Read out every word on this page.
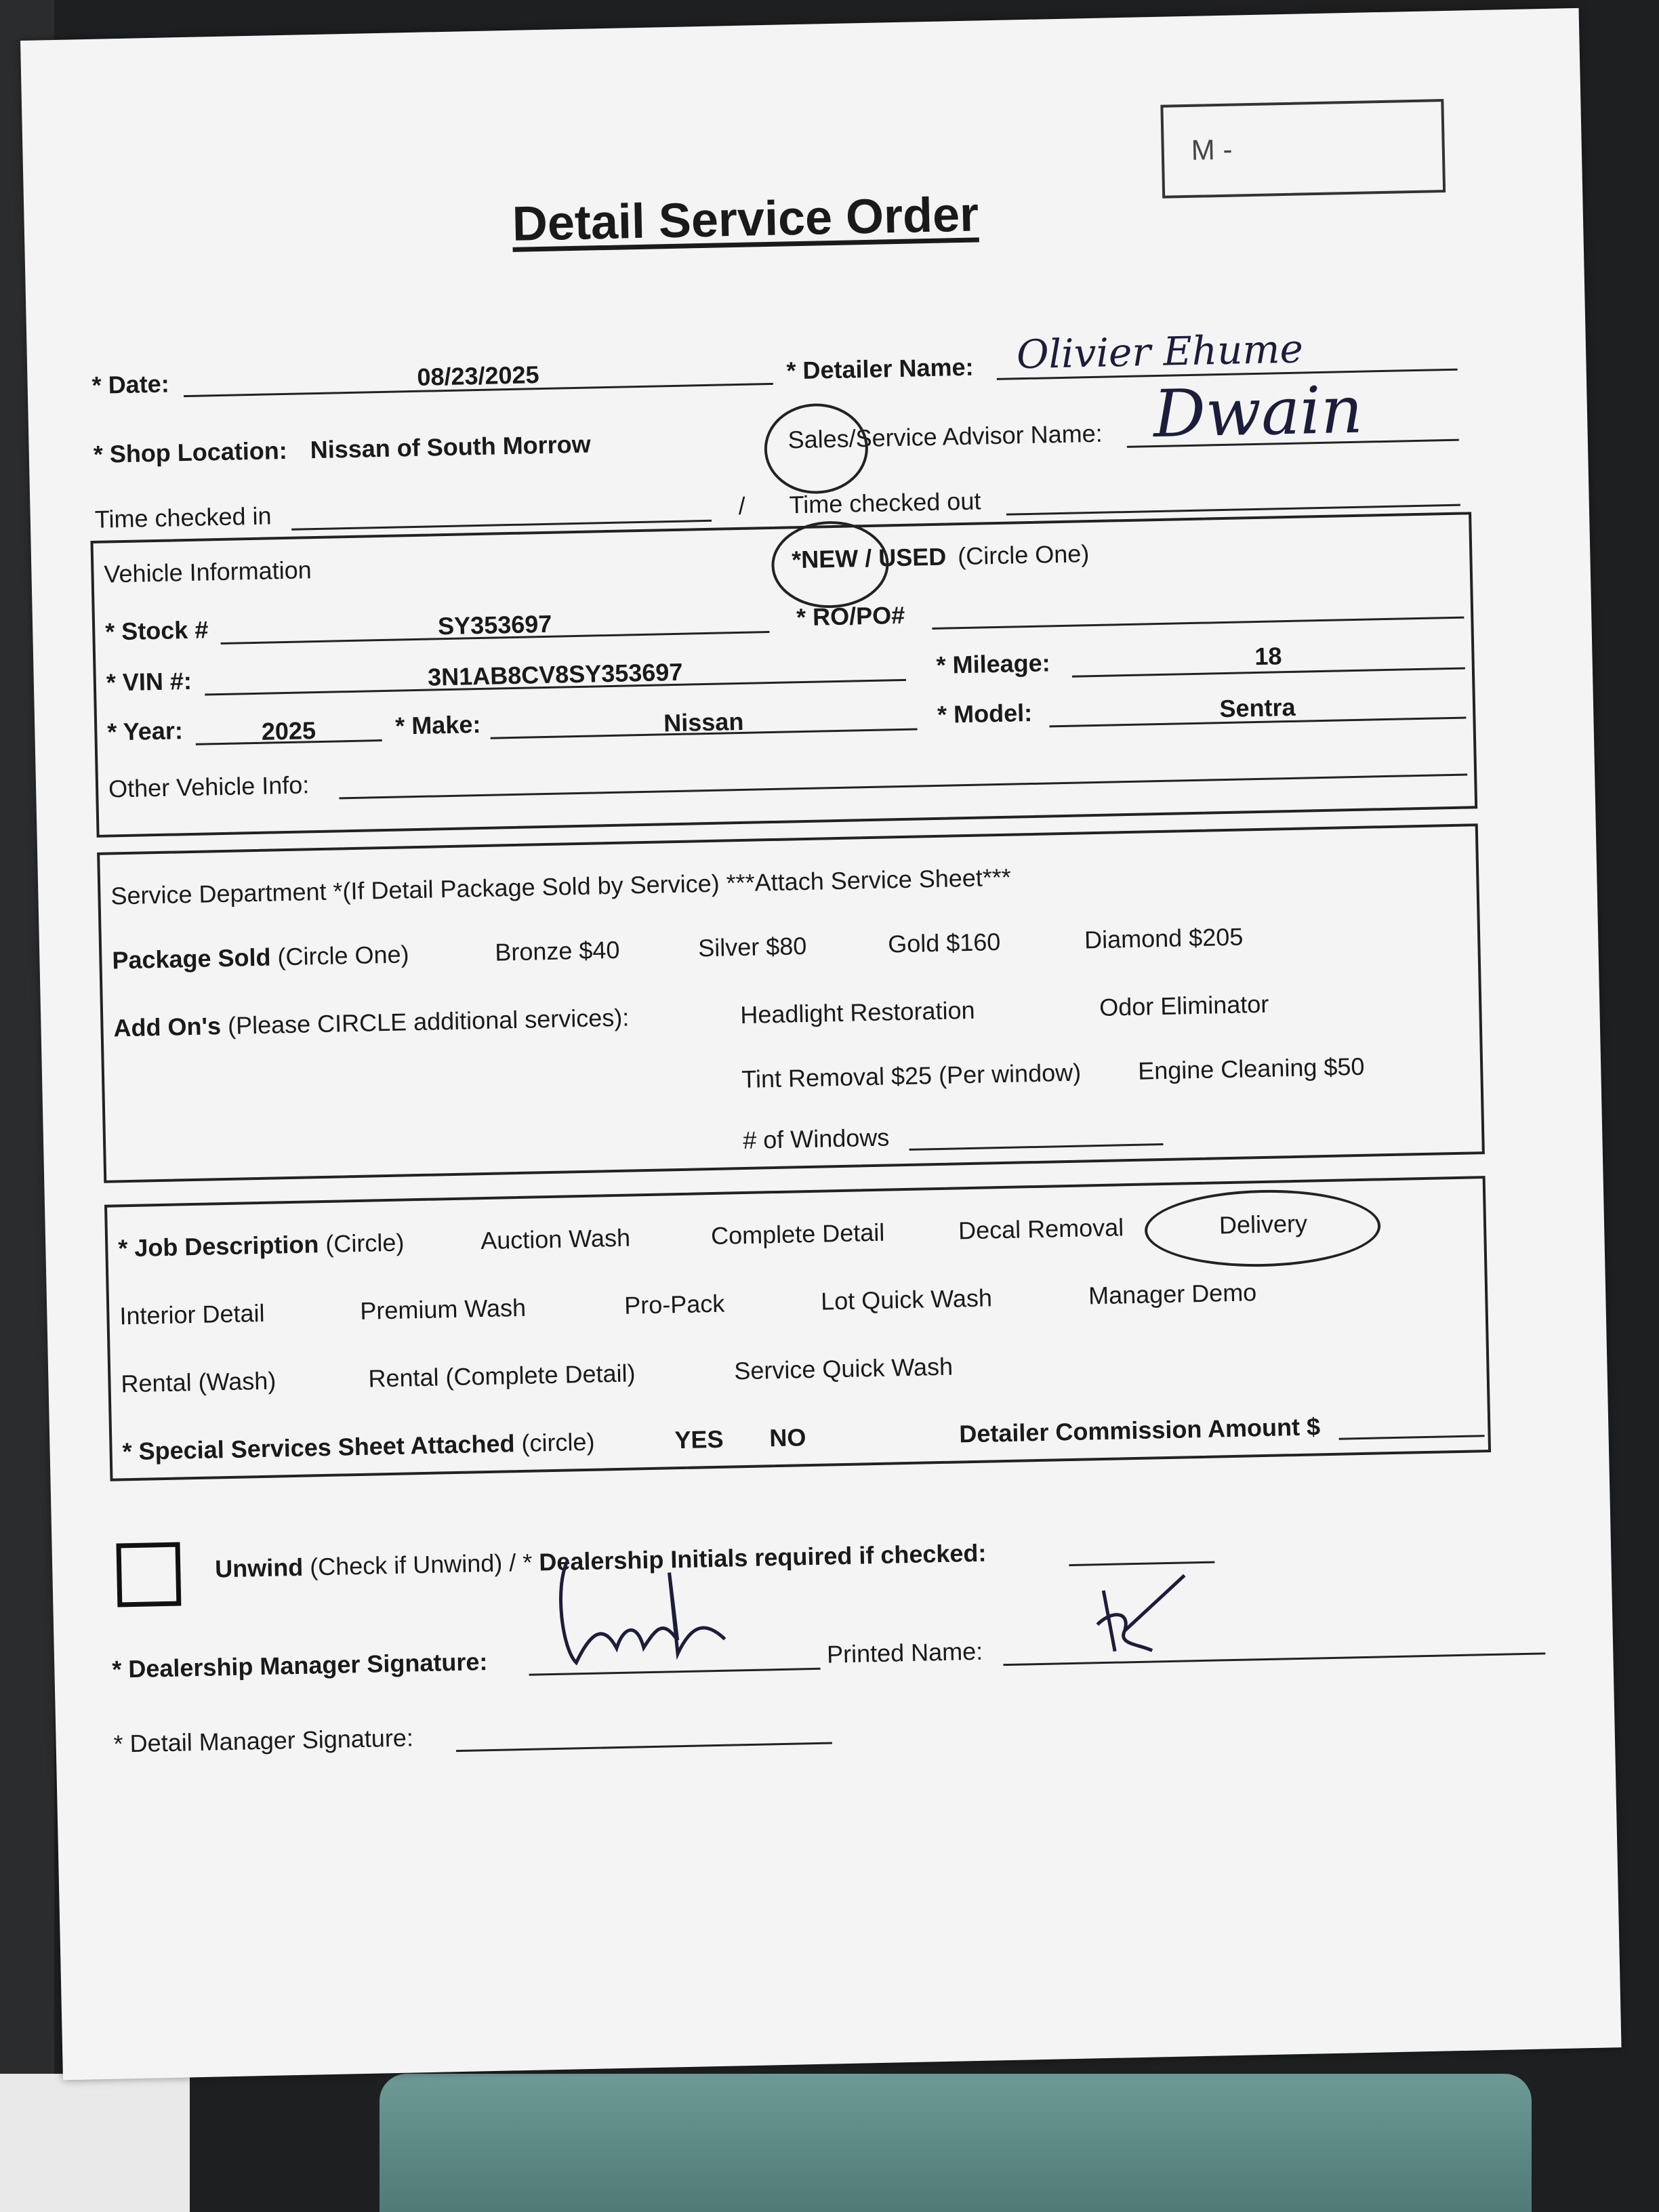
Detail Service Order
M -
* Date:	08/23/2025	* Detailer Name: Olivier Ehume
* Shop Location: Nissan of South Morrow	Sales/Service Advisor Name: Dwain
Time checked in	/ Time checked out
Vehicle Information	*NEW / USED (Circle One)
* Stock #	SY353697	* RO/PO#
* VIN #:	3N1AB8CV8SY353697	* Mileage:	18
* Year:	2025	* Make:	Nissan	* Model:	Sentra
Other Vehicle Info:
Service Department *(If Detail Package Sold by Service) ***Attach Service Sheet***
Package Sold (Circle One)	Bronze $40	Silver $80	Gold $160	Diamond $205
Add On's (Please CIRCLE additional services):	Headlight Restoration	Odor Eliminator
Tint Removal $25 (Per window) Engine Cleaning $50
# of Windows
* Job Description (Circle)	Auction Wash	Complete Detail	Decal Removal	Delivery
Interior Detail	Premium Wash	Pro-Pack	Lot Quick Wash	Manager Demo
Rental (Wash)	Rental (Complete Detail)	Service Quick Wash
* Special Services Sheet Attached (circle)	YES NO	Detailer Commission Amount $
Unwind (Check if Unwind) / * Dealership Initials required if checked:
* Dealership Manager Signature:	Printed Name:
* Detail Manager Signature:
